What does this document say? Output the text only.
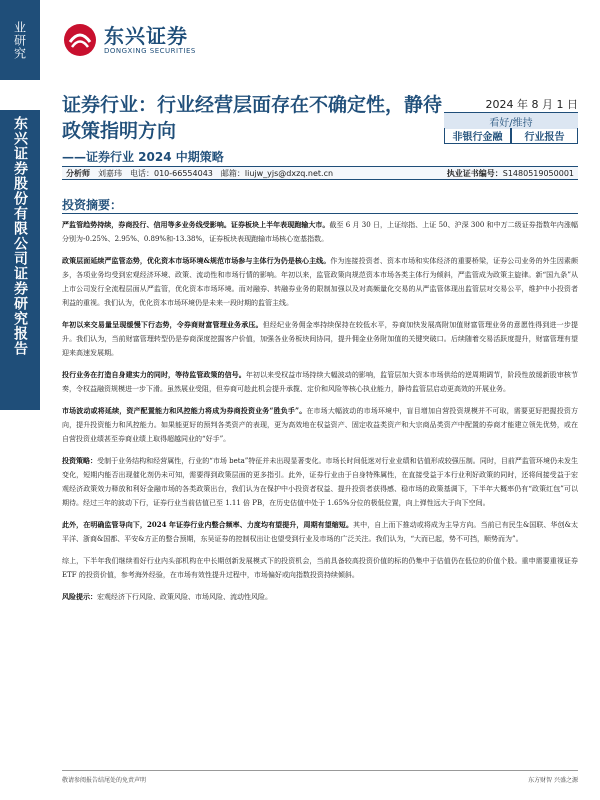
业研究
东兴证券股份有限公司证券研究报告
东兴证券
DONGXING SECURITIES
证券行业：行业经营层面存在不确定性，静待政策指明方向
——证券行业 2024 中期策略
2024 年 8 月 1 日
看好/维持
非银行金融	行业报告
分析师 刘嘉玮 电话：010-66554043 邮箱：liujw_yjs@dxzq.net.cn	执业证书编号：S1480519050001
投资摘要：

严监管趋势持续，券商投行、信用等多业务线受影响。证券板块上半年表现跑输大市。截至 6 月 30 日，上证综指、上证 50、沪深 300 和中万二级证券指数年内涨幅分别为-0.25%、2.95%、0.89%和-13.38%，证券板块表现跑输市场核心宽基指数。

政策层面延续严监管态势，优化资本市场环境&规范市场参与主体行为仍是核心主线。作为连接投资者、资本市场和实体经济的重要桥梁，证券公司业务的外生因素颇多，各项业务均受到宏观经济环境、政策、流动性和市场行情的影响。年初以来，监管政策向规范资本市场各类主体行为倾斜，严监管成为政策主旋律。新“国九条”从上市公司发行全流程层面从严监管，优化资本市场环境。而对融券、转融券业务的限制加强以及对高频量化交易的从严监管体现出监管层对交易公平，维护中小投资者利益的重视。我们认为，优化资本市场环境仍是未来一段时期的监管主线。

年初以来交易量呈现缓慢下行态势，令券商财富管理业务承压。但经纪业务佣金率持续保持在较低水平，券商加快发展高附加值财富管理业务的意愿性得到进一步提升。我们认为，当前财富管理转型仍是券商深度挖掘客户价值，加强各业务板块间协同，提升佣金业务附加值的关键突破口。后续随着交易活跃度提升，财富管理有望迎来高速发展期。

投行业务在打造自身建实力的同时，等待监管政策的信号。年初以来受权益市场持续大幅波动的影响，监管层加大资本市场供给的逆周期调节，阶段性放缓新股审核节奏，令权益融资规模进一步下滑。虽然展业受阻，但券商可趁此机会提升承揽、定价和风险等核心执业能力，静待监管层启动更高效的开展业务。

市场波动或将延续，资产配置能力和风控能力将成为券商投资业务“胜负手”。在市场大幅波动的市场环境中，盲目增加自营投资规模并不可取，需要更好把握投资方向，提升投资能力和风控能力。如果能更好的预判各类资产的表现，更为高效地在权益资产、固定收益类资产和大宗商品类资产中配置的券商才能建立领先优势，或在自营投资业绩甚至券商业绩上取得超越同业的“好手”。

投资策略：受制于业务结构和经营属性，行业的“市场 beta”特征并未出现显著变化。市场长时间低迷对行业业绩和估值形成较强压制。同时，目前严监管环境仍未发生变化，短期内能否出现催化剂仍未可知，需要得到政策层面的更多指引。此外，证券行业由于自身特殊属性，在直接受益于本行业利好政策的同时，还将间接受益于宏观经济政策效力释放和利好金融市场的各类政策出台，我们认为在保护中小投资者权益、提升投资者获得感、稳市场的政策基调下，下半年大概率仍有“政策红包”可以期待。经过三年的波动下行，证券行业当前估值已至 1.11 倍 PB，在历史估值中处于 1.65%分位的极低位置，向上弹性远大于向下空间。

此外，在明确监管导向下，2024 年证券行业内整合频率、力度均有望提升，周期有望缩短。其中，自上而下推动或将成为主导方向。当前已有民生&国联、华创&太平洋、浙商&国都、平安&方正的整合预期，东吴证券的控制权出让也望受到行业及市场的广泛关注。我们认为，“大而已起，势不可挡，顺势而为”。

综上，下半年我们继续看好行业内头部机构在中长期创新发展模式下的投资机会，当前具备较高投资价值的标的仍集中于估值仍在低位的价值个股。重申需要重视证券 ETF 的投资价值，参考海外经验，在市场有效性提升过程中，市场偏好或向指数投资持续倾斜。

风险提示：宏观经济下行风险、政策风险、市场风险、流动性风险。

敬请参阅报告结尾处的免责声明	东方财智 兴盛之源
